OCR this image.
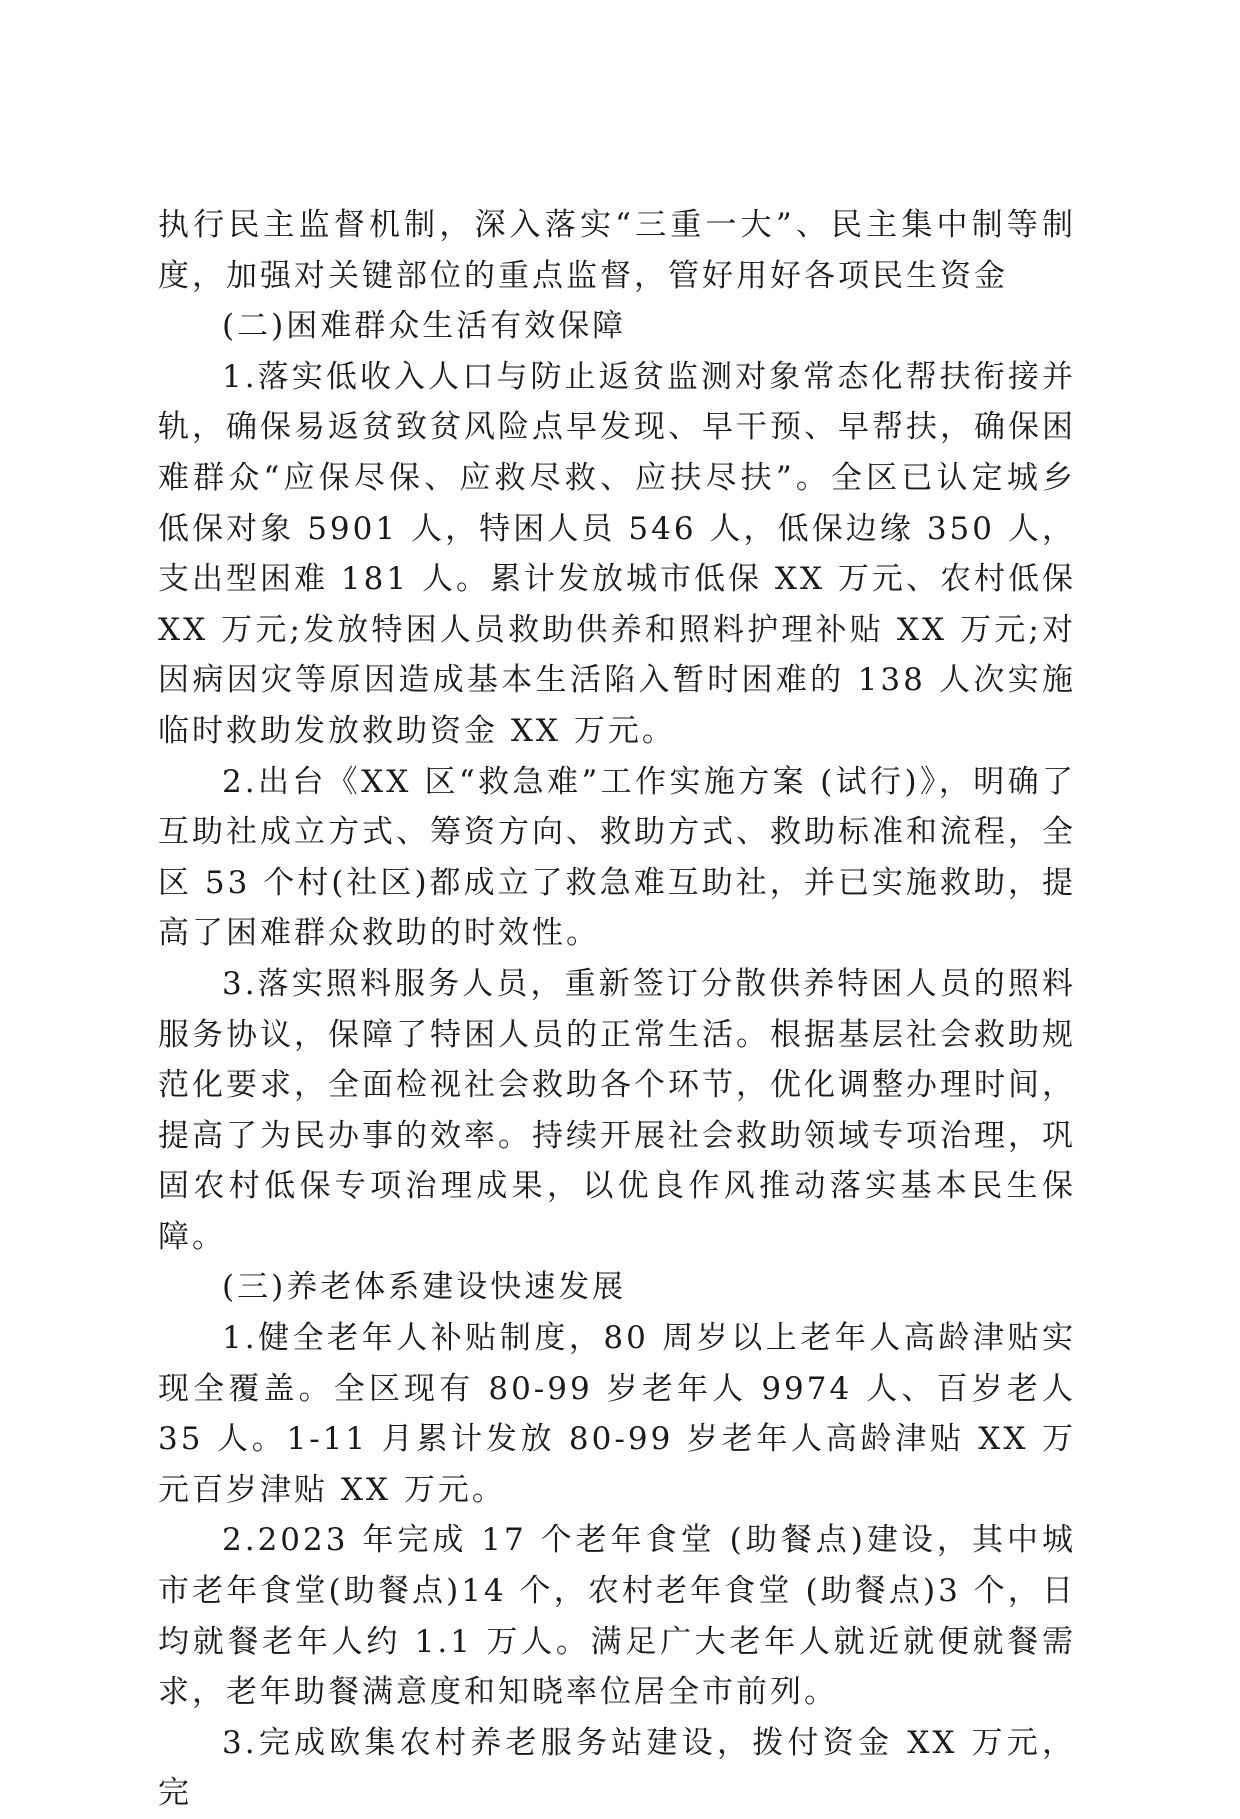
执行民主监督机制，深入落实“三重一大”、民主集中制等制度，加强对关键部位的重点监督，管好用好各项民生资金

(二)困难群众生活有效保障

1.落实低收入人口与防止返贫监测对象常态化帮扶衔接并轨，确保易返贫致贫风险点早发现、早干预、早帮扶，确保困难群众“应保尽保、应救尽救、应扶尽扶”。全区已认定城乡低保对象 5901 人，特困人员 546 人，低保边缘 350 人，支出型困难 181 人。累计发放城市低保 XX 万元、农村低保 XX 万元;发放特困人员救助供养和照料护理补贴 XX 万元;对因病因灾等原因造成基本生活陷入暂时困难的 138 人次实施临时救助发放救助资金 XX 万元。

2.出台《XX 区“救急难”工作实施方案 (试行)》，明确了互助社成立方式、筹资方向、救助方式、救助标准和流程，全区 53 个村(社区)都成立了救急难互助社，并已实施救助，提高了困难群众救助的时效性。

3.落实照料服务人员，重新签订分散供养特困人员的照料服务协议，保障了特困人员的正常生活。根据基层社会救助规范化要求，全面检视社会救助各个环节，优化调整办理时间，提高了为民办事的效率。持续开展社会救助领域专项治理，巩固农村低保专项治理成果，以优良作风推动落实基本民生保障。

(三)养老体系建设快速发展

1.健全老年人补贴制度，80 周岁以上老年人高龄津贴实现全覆盖。全区现有 80-99 岁老年人 9974 人、百岁老人 35 人。1-11 月累计发放 80-99 岁老年人高龄津贴 XX 万元百岁津贴 XX 万元。

2.2023 年完成 17 个老年食堂 (助餐点)建设，其中城市老年食堂(助餐点)14 个，农村老年食堂 (助餐点)3 个，日均就餐老年人约 1.1 万人。满足广大老年人就近就便就餐需求，老年助餐满意度和知晓率位居全市前列。

3.完成欧集农村养老服务站建设，拨付资金 XX 万元，完
